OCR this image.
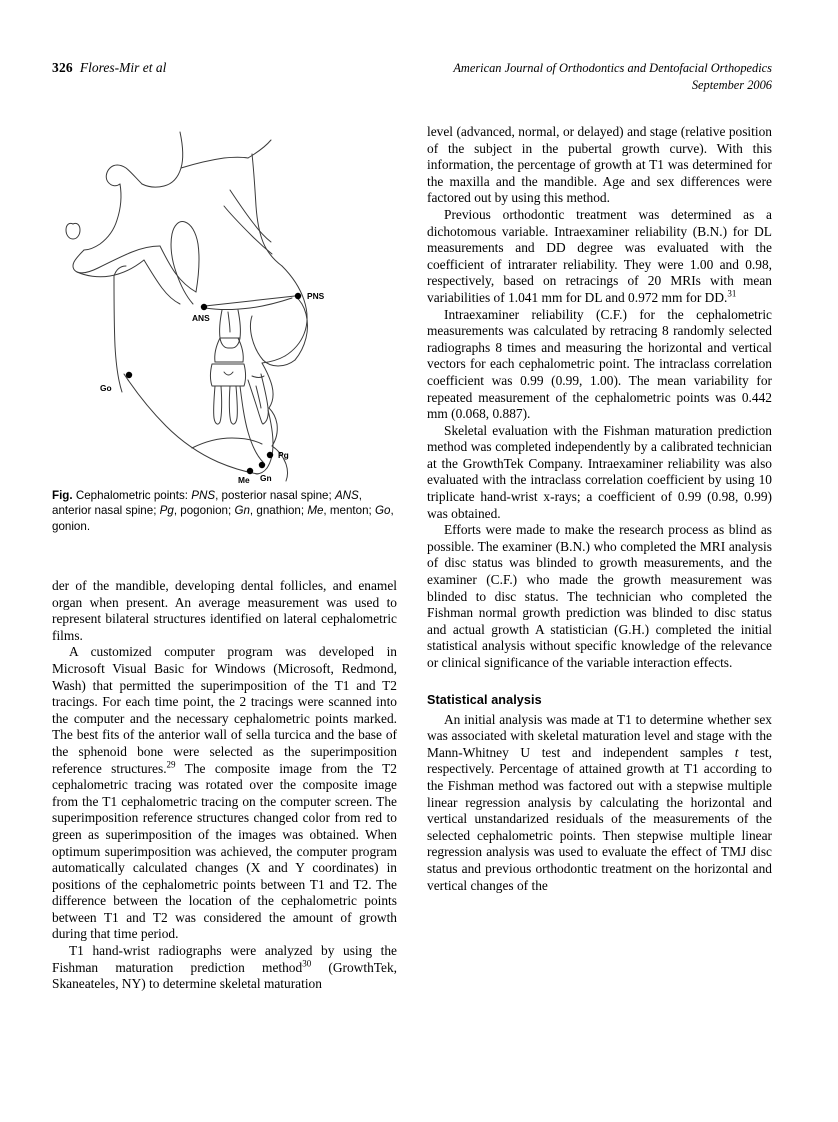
326 Flores-Mir et al	American Journal of Orthodontics and Dentofacial Orthopedics
September 2006
PNS
ANS
Go
Pg
Gn
Me

Fig. Cephalometric points: PNS, posterior nasal spine; ANS, anterior nasal spine; Pg, pogonion; Gn, gnathion; Me, menton; Go, gonion.

der of the mandible, developing dental follicles, and enamel organ when present. An average measurement was used to represent bilateral structures identified on lateral cephalometric films.

A customized computer program was developed in Microsoft Visual Basic for Windows (Microsoft, Redmond, Wash) that permitted the superimposition of the T1 and T2 tracings. For each time point, the 2 tracings were scanned into the computer and the necessary cephalometric points marked. The best fits of the anterior wall of sella turcica and the base of the sphenoid bone were selected as the superimposition reference structures.$^{29}$ The composite image from the T2 cephalometric tracing was rotated over the composite image from the T1 cephalometric tracing on the computer screen. The superimposition reference structures changed color from red to green as superimposition of the images was obtained. When optimum superimposition was achieved, the computer program automatically calculated changes (X and Y coordinates) in positions of the cephalometric points between T1 and T2. The difference between the location of the cephalometric points between T1 and T2 was considered the amount of growth during that time period.

T1 hand-wrist radiographs were analyzed by using the Fishman maturation prediction method$^{30}$ (GrowthTek, Skaneateles, NY) to determine skeletal maturation

level (advanced, normal, or delayed) and stage (relative position of the subject in the pubertal growth curve). With this information, the percentage of growth at T1 was determined for the maxilla and the mandible. Age and sex differences were factored out by using this method.

Previous orthodontic treatment was determined as a dichotomous variable. Intraexaminer reliability (B.N.) for DL measurements and DD degree was evaluated with the coefficient of intrarater reliability. They were 1.00 and 0.98, respectively, based on retracings of 20 MRIs with mean variabilities of 1.041 mm for DL and 0.972 mm for DD.$^{31}$

Intraexaminer reliability (C.F.) for the cephalometric measurements was calculated by retracing 8 randomly selected radiographs 8 times and measuring the horizontal and vertical vectors for each cephalometric point. The intraclass correlation coefficient was 0.99 (0.99, 1.00). The mean variability for repeated measurement of the cephalometric points was 0.442 mm (0.068, 0.887).

Skeletal evaluation with the Fishman maturation prediction method was completed independently by a calibrated technician at the GrowthTek Company. Intraexaminer reliability was also evaluated with the intraclass correlation coefficient by using 10 triplicate hand-wrist x-rays; a coefficient of 0.99 (0.98, 0.99) was obtained.

Efforts were made to make the research process as blind as possible. The examiner (B.N.) who completed the MRI analysis of disc status was blinded to growth measurements, and the examiner (C.F.) who made the growth measurement was blinded to disc status. The technician who completed the Fishman normal growth prediction was blinded to disc status and actual growth A statistician (G.H.) completed the initial statistical analysis without specific knowledge of the relevance or clinical significance of the variable interaction effects.

Statistical analysis

An initial analysis was made at T1 to determine whether sex was associated with skeletal maturation level and stage with the Mann-Whitney U test and independent samples t test, respectively. Percentage of attained growth at T1 according to the Fishman method was factored out with a stepwise multiple linear regression analysis by calculating the horizontal and vertical unstandarized residuals of the measurements of the selected cephalometric points. Then stepwise multiple linear regression analysis was used to evaluate the effect of TMJ disc status and previous orthodontic treatment on the horizontal and vertical changes of the
